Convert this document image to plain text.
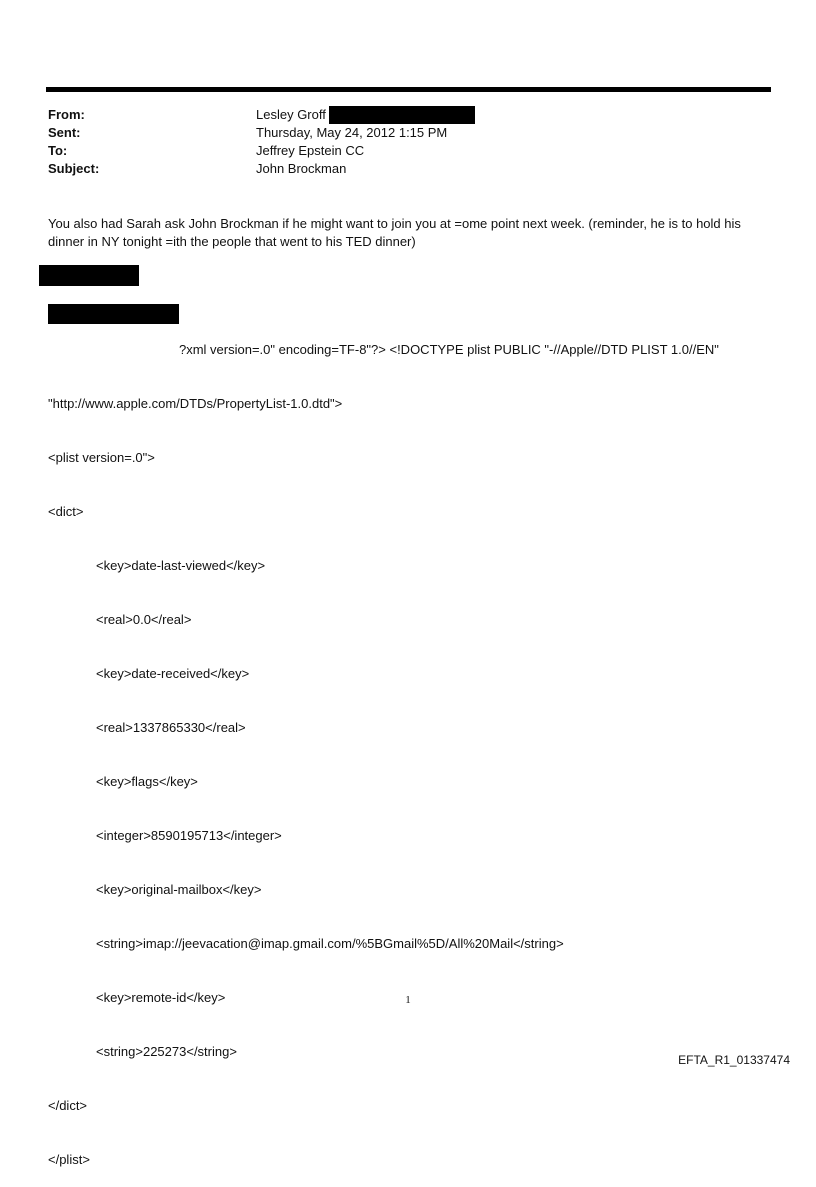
From:	Lesley Groff
Sent:	Thursday, May 24, 2012 1:15 PM
To:	Jeffrey Epstein CC
Subject:	John Brockman
You also had Sarah ask John Brockman if he might want to join you at =ome point next week. (reminder, he is to hold his dinner in NY tonight =ith the people that went to his TED dinner)

?xml version=.0" encoding=TF-8"?> <!DOCTYPE plist PUBLIC "-//Apple//DTD PLIST 1.0//EN"

"http://www.apple.com/DTDs/PropertyList-1.0.dtd">

<plist version=.0">

<dict>

<key>date-last-viewed</key>

<real>0.0</real>

<key>date-received</key>

<real>1337865330</real>

<key>flags</key>

<integer>8590195713</integer>

<key>original-mailbox</key>

<string>imap://jeevacation@imap.gmail.com/%5BGmail%5D/All%20Mail</string>

<key>remote-id</key>

<string>225273</string>

</dict>

</plist>

1
EFTA_R1_01337474
